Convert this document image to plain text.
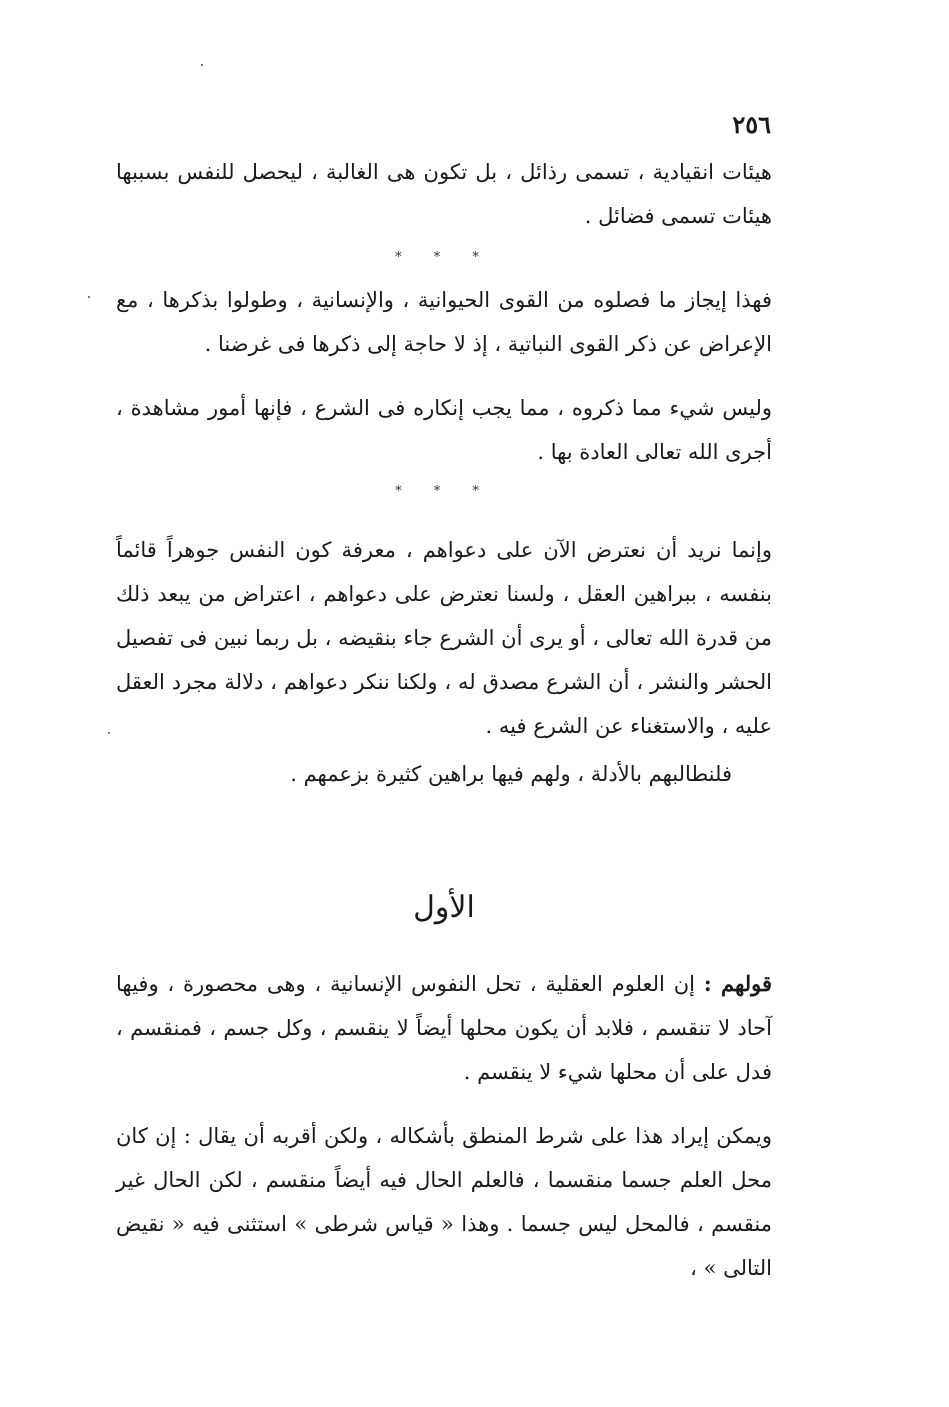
٢٥٦

هيئات انقيادية ، تسمى رذائل ، بل تكون هى الغالبة ، ليحصل للنفس بسببها هيئات تسمى فضائل .

* * *

فهذا إيجاز ما فصلوه من القوى الحيوانية ، والإنسانية ، وطولوا بذكرها ، مع الإعراض عن ذكر القوى النباتية ، إذ لا حاجة إلى ذكرها فى غرضنا .

وليس شيء مما ذكروه ، مما يجب إنكاره فى الشرع ، فإنها أمور مشاهدة ، أجرى الله تعالى العادة بها .

* * *

وإنما نريد أن نعترض الآن على دعواهم ، معرفة كون النفس جوهراً قائماً بنفسه ، ببراهين العقل ، ولسنا نعترض على دعواهم ، اعتراض من يبعد ذلك من قدرة الله تعالى ، أو يرى أن الشرع جاء بنقيضه ، بل ربما نبين فى تفصيل الحشر والنشر ، أن الشرع مصدق له ، ولكنا ننكر دعواهم ، دلالة مجرد العقل عليه ، والاستغناء عن الشرع فيه .

فلنطالبهم بالأدلة ، ولهم فيها براهين كثيرة بزعمهم .

الأول

قولهم : إن العلوم العقلية ، تحل النفوس الإنسانية ، وهى محصورة ، وفيها آحاد لا تنقسم ، فلابد أن يكون محلها أيضاً لا ينقسم ، وكل جسم ، فمنقسم ، فدل على أن محلها شيء لا ينقسم .

ويمكن إيراد هذا على شرط المنطق بأشكاله ، ولكن أقربه أن يقال : إن كان محل العلم جسما منقسما ، فالعلم الحال فيه أيضاً منقسم ، لكن الحال غير منقسم ، فالمحل ليس جسما . وهذا « قياس شرطى » استثنى فيه « نقيض التالى » ،
